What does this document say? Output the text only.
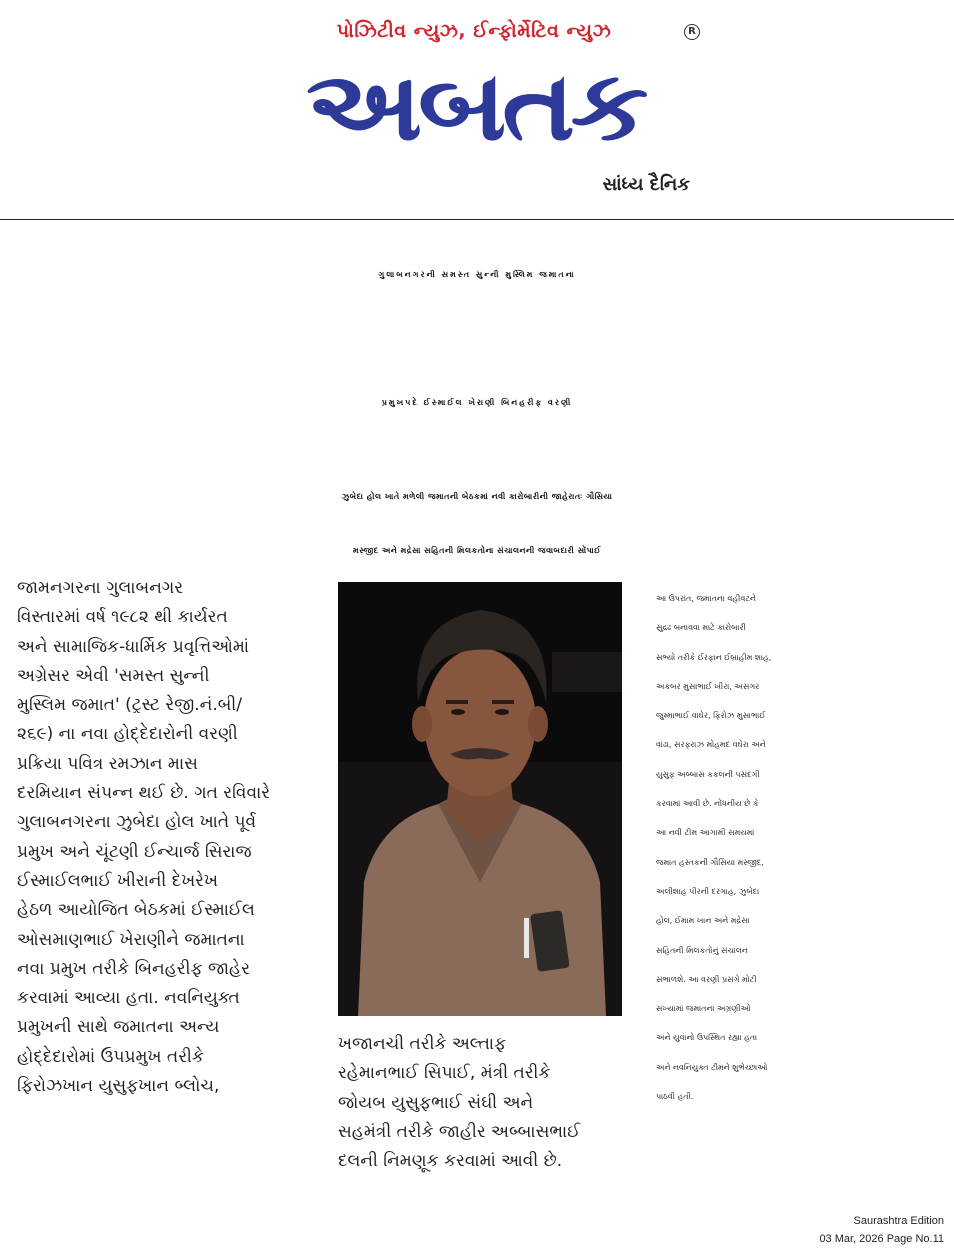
પોઝિટીવ ન્યુઝ, ઈન્ફોર્મેટિવ ન્યુઝ	R
અબતક
સાંધ્ય દૈનિક
ગુલાબનગરની સમસ્ત સુન્ની મુસ્લિમ જમાતના
પ્રમુખપદે ઈસ્માઈલ ખેરાણી બિનહરીફ વરણી
ઝુબેદા હોલ ખાતે મળેલી જમાતની બેઠકમાં નવી કારોબારીની જાહેરાતઃ ગૌસિયા
મસ્જીદ અને મદ્રેસા સહિતની મિલકતોના સંચાલનની જવાબદારી સોંપાઈ
જામનગરના ગુલાબનગર
વિસ્તારમાં વર્ષ ૧૯૮૨ થી કાર્યરત
અને સામાજિક-ધાર્મિક પ્રવૃત્તિઓમાં
અગ્રેસર એવી 'સમસ્ત સુન્ની
મુસ્લિમ જમાત' (ટ્રસ્ટ રેજી.નં.બી/
૨૬૯) ના નવા હોદ્દેદારોની વરણી
પ્રક્રિયા પવિત્ર રમઝાન માસ
દરમિયાન સંપન્ન થઈ છે. ગત રવિવારે
ગુલાબનગરના ઝુબેદા હોલ ખાતે પૂર્વ
પ્રમુખ અને ચૂંટણી ઈન્ચાર્જ સિરાજ
ઈસ્માઈલભાઈ ખીરાની દેખરેખ
હેઠળ આયોજિત બેઠકમાં ઈસ્માઈલ
ઓસમાણભાઈ ખેરાણીને જમાતના
નવા પ્રમુખ તરીકે બિનહરીફ જાહેર
કરવામાં આવ્યા હતા. નવનિયુક્ત
પ્રમુખની સાથે જમાતના અન્ય
હોદ્દેદારોમાં ઉપપ્રમુખ તરીકે
ફિરોઝખાન યુસુફખાન બ્લોચ,
ખજાનચી તરીકે અલ્તાફ
રહેમાનભાઈ સિપાઈ, મંત્રી તરીકે
જોયબ યુસુફભાઈ સંઘી અને
સહમંત્રી તરીકે જાહીર અબ્બાસભાઈ
દલની નિમણૂક કરવામાં આવી છે.
આ ઉપરાંત, જમાતના વહીવટને
સુદ્રઢ બનાવવા માટે કારોબારી
સભ્યો તરીકે ઈરફાન ઈબ્રાહીમ શાહ,
અકબર મુસાભાઈ ખીરા, અસગર
જુમ્માભાઈ વાઘેર, ફિરોઝ મુસાભાઈ
વાંઢા, સરફરાઝ મોહમદ વઘેરા અને
યુસુફ અબ્બાસ કકલની પસંદગી
કરવામાં આવી છે. નોંધનીય છે કે
આ નવી ટીમ આગામી સમયમાં
જમાત હસ્તકની ગૌસિયા મસ્જીદ,
અલીશાહ પીરની દરગાહ, ઝુબેદા
હોલ, ઈમામ ખાન અને મદ્રેસા
સહિતની મિલકતોનું સંચાલન
સંભાળશે. આ વરણી પ્રસંગે મોટી
સંખ્યામાં જમાતના અગ્રણીઓ
અને યુવાનો ઉપસ્થિત રહ્યા હતા
અને નવનિયુક્ત ટીમને શુભેચ્છાઓ
પાઠવી હતી.
Saurashtra Edition
03 Mar, 2026 Page No.11
